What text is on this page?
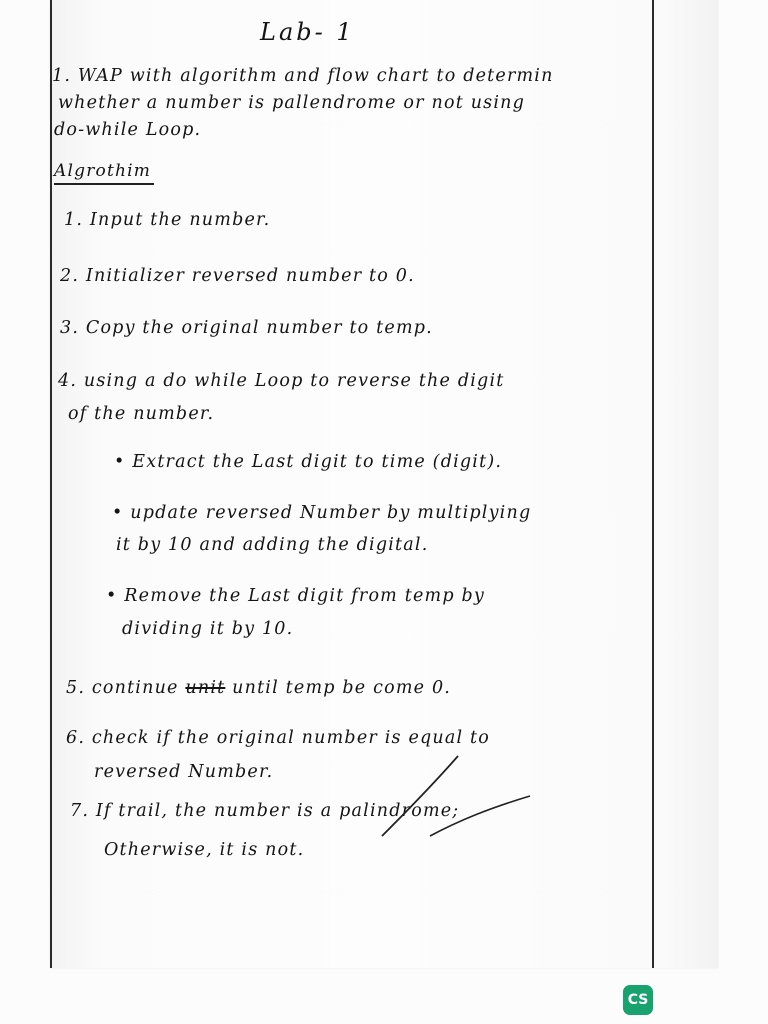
Lab- 1

1. WAP with algorithm and flow chart to determin

whether a number is pallendrome or not using

do-while Loop.

Algrothim

1. Input the number.

2. Initializer reversed number to 0.

3. Copy the original number to temp.

4. using a do while Loop to reverse the digit

of the number.

• Extract the Last digit to time (digit).

• update reversed Number by multiplying

it by 10 and adding the digital.

• Remove the Last digit from temp by

dividing it by 10.

5. continue unit until temp be come 0.

6. check if the original number is equal to

reversed Number.

7. If trail, the number is a palindrome;

Otherwise, it is not.

CS
